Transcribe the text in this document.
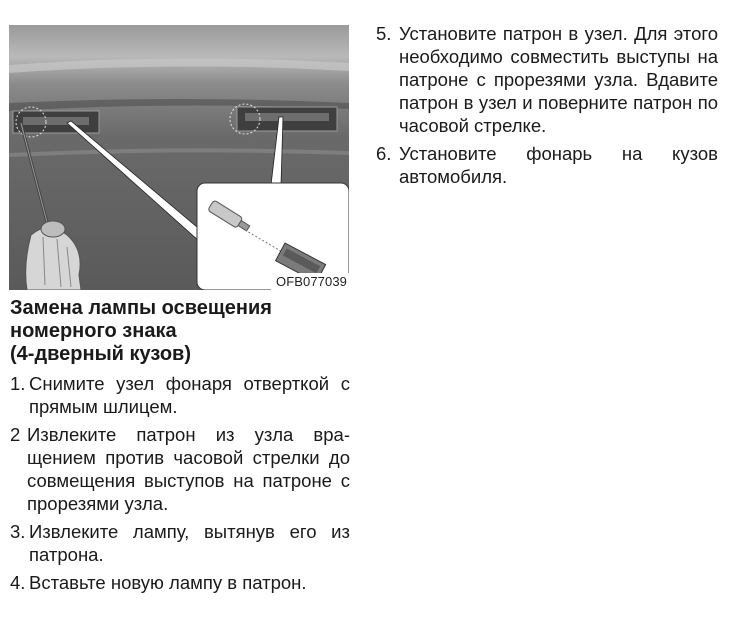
OFB077039
Замена лампы освещения
номерного знака
(4-дверный кузов)
1. Снимите узел фонаря отверткой с прямым шлицем.
2 Извлеките патрон из узла вращением против часовой стрелки до совмещения выступов на патроне с прорезями узла.
3. Извлеките лампу, вытянув его из патрона.
4. Вставьте новую лампу в патрон.
5. Установите патрон в узел. Для этого необходимо совместить выступы на патроне с прорезями узла. Вдавите патрон в узел и поверните патрон по часовой стрелке.
6. Установите фонарь на кузов автомобиля.
